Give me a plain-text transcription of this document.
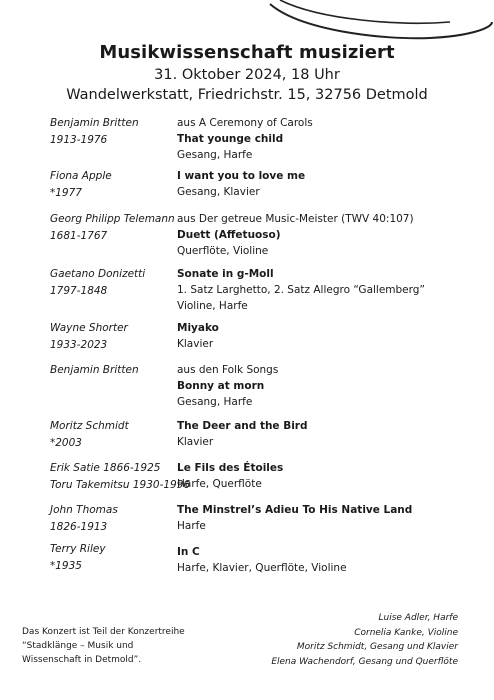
Musikwissenschaft musiziert
31. Oktober 2024, 18 Uhr
Wandelwerkstatt, Friedrichstr. 15, 32756 Detmold
Benjamin Britten
1913-1976
aus A Ceremony of Carols
That younge child
Gesang, Harfe
Fiona Apple
*1977
I want you to love me
Gesang, Klavier
Georg Philipp Telemann
1681-1767
aus Der getreue Music-Meister (TWV 40:107)
Duett (Affetuoso)
Querflöte, Violine
Gaetano Donizetti
1797-1848
Sonate in g-Moll
1. Satz Larghetto, 2. Satz Allegro “Gallemberg”
Violine, Harfe
Wayne Shorter
1933-2023
Miyako
Klavier
Benjamin Britten	aus den Folk Songs
Bonny at morn
Gesang, Harfe
Moritz Schmidt
*2003
The Deer and the Bird
Klavier
Erik Satie 1866-1925
Toru Takemitsu 1930-1996
Le Fils des Étoiles
Harfe, Querflöte
John Thomas
1826-1913
The Minstrel’s Adieu To His Native Land
Harfe
Terry Riley
*1935
In C
Harfe, Klavier, Querflöte, Violine
Das Konzert ist Teil der Konzertreihe
“Stadklänge – Musik und
Wissenschaft in Detmold”.
Luise Adler, Harfe
Cornelia Kanke, Violine
Moritz Schmidt, Gesang und Klavier
Elena Wachendorf, Gesang und Querflöte
